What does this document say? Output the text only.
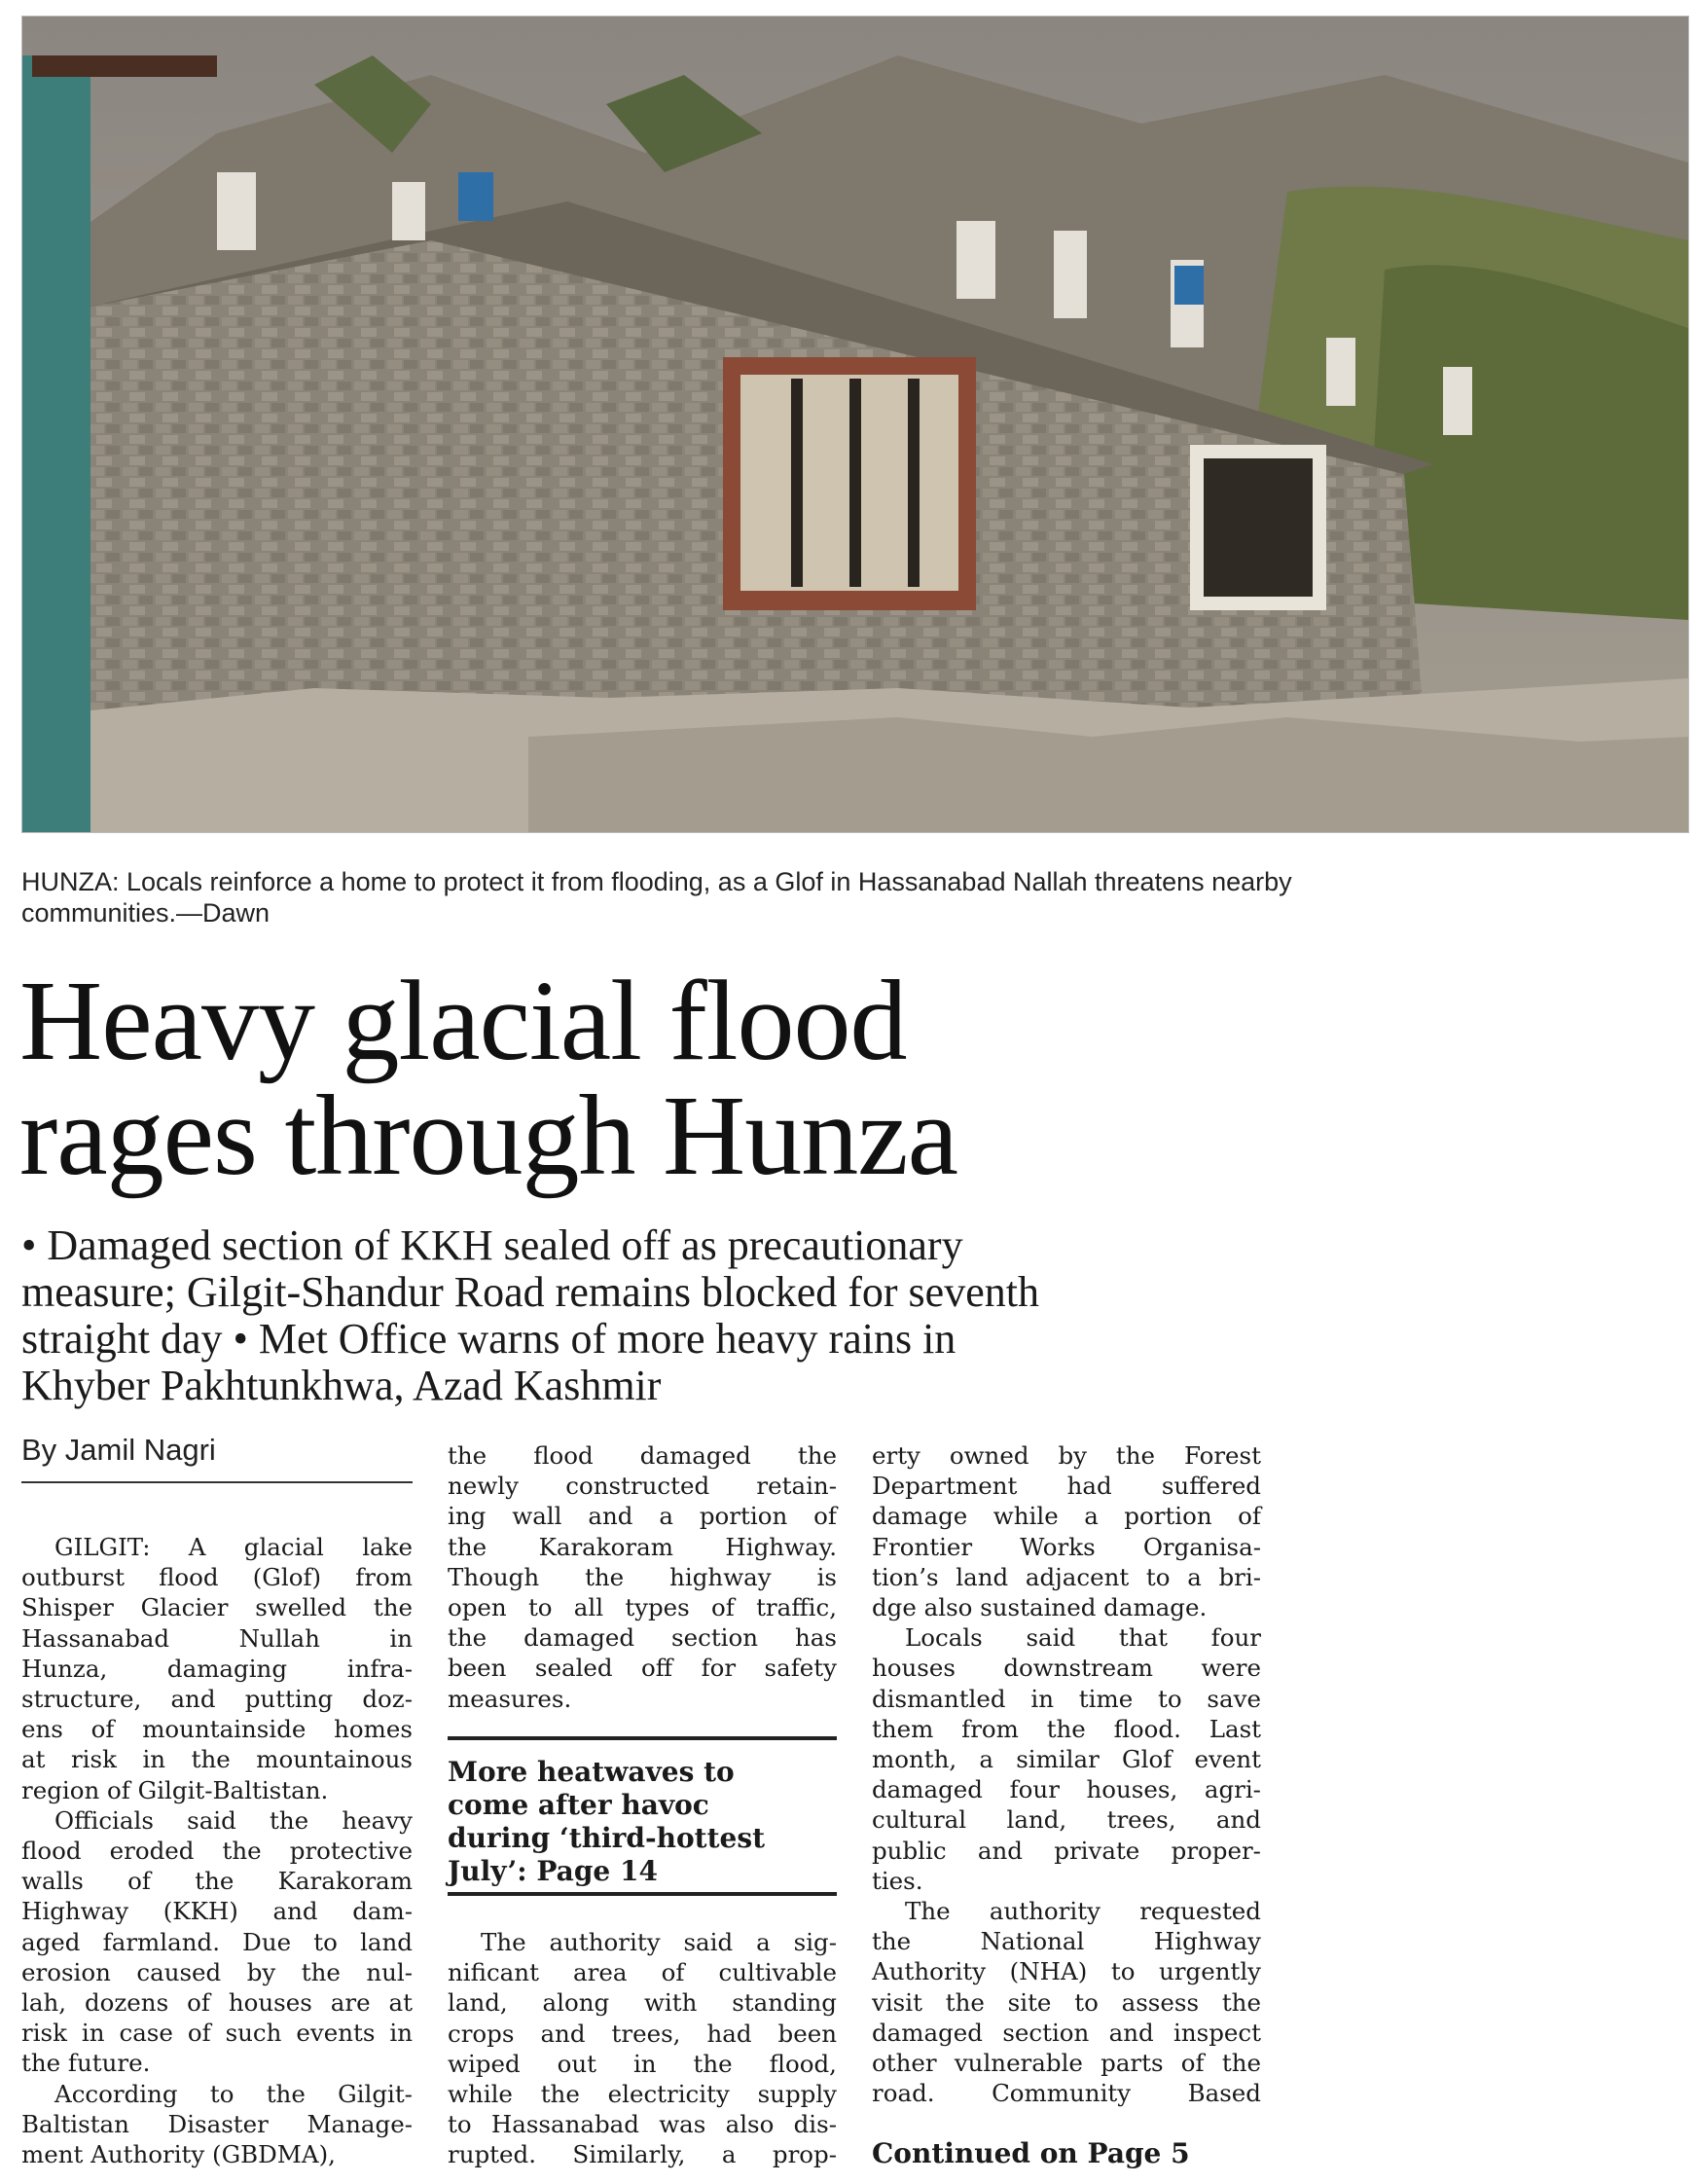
HUNZA: Locals reinforce a home to protect it from flooding, as a Glof in Hassanabad Nallah threatens nearby
communities.—Dawn
Heavy glacial flood
rages through Hunza
• Damaged section of KKH sealed off as precautionary
measure; Gilgit-Shandur Road remains blocked for seventh
straight day • Met Office warns of more heavy rains in
Khyber Pakhtunkhwa, Azad Kashmir
By Jamil Nagri
GILGIT: A glacial lake
outburst flood (Glof) from
Shisper Glacier swelled the
Hassanabad	Nullah	in
Hunza,	damaging	infra-
structure, and putting doz-
ens of mountainside homes
at risk in the mountainous
region of Gilgit-Baltistan.
Officials said the heavy
flood eroded the protective
walls of the Karakoram
Highway (KKH) and dam-
aged farmland. Due to land
erosion caused by the nul-
lah, dozens of houses are at
risk in case of such events in
the future.
According to the Gilgit-
Baltistan Disaster Manage-
ment Authority (GBDMA),
the flood damaged the
newly constructed retain-
ing wall and a portion of
the Karakoram Highway.
Though the highway is
open to all types of traffic,
the damaged section has
been sealed off for safety
measures.
More heatwaves to
come after havoc
during ‘third-hottest
July’: Page 14
The authority said a sig-
nificant area of cultivable
land, along with standing
crops and trees, had been
wiped out in the flood,
while the electricity supply
to Hassanabad was also dis-
rupted. Similarly, a prop-
erty owned by the Forest
Department had suffered
damage while a portion of
Frontier Works Organisa-
tion’s land adjacent to a bri-
dge also sustained damage.
Locals said that four
houses downstream were
dismantled in time to save
them from the flood. Last
month, a similar Glof event
damaged four houses, agri-
cultural land, trees, and
public and private proper-
ties.
The authority requested
the	National	Highway
Authority (NHA) to urgently
visit the site to assess the
damaged section and inspect
other vulnerable parts of the
road. Community Based
Continued on Page 5
